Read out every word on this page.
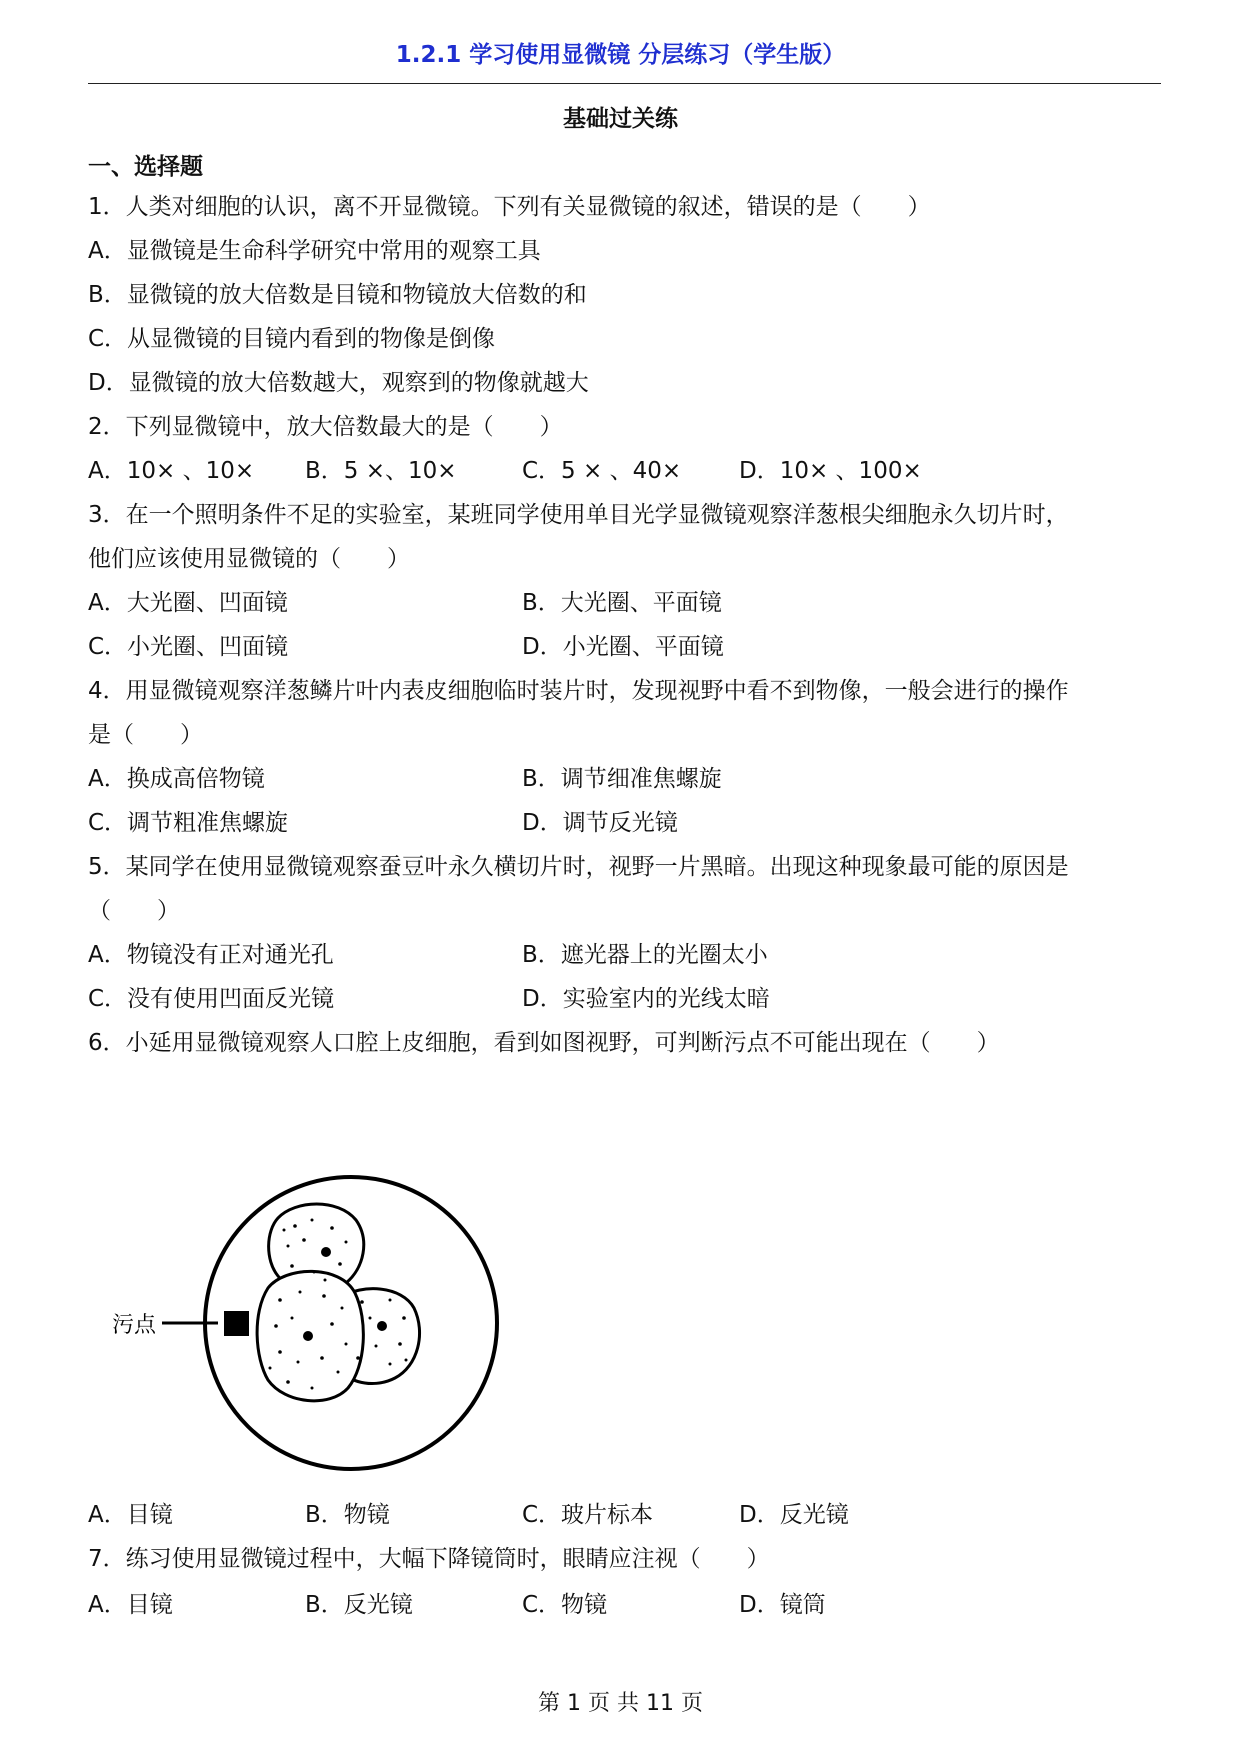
1.2.1 学习使用显微镜 分层练习（学生版）
基础过关练
一、选择题
1．人类对细胞的认识，离不开显微镜。下列有关显微镜的叙述，错误的是（　　）
A．显微镜是生命科学研究中常用的观察工具
B．显微镜的放大倍数是目镜和物镜放大倍数的和
C．从显微镜的目镜内看到的物像是倒像
D．显微镜的放大倍数越大，观察到的物像就越大
2．下列显微镜中，放大倍数最大的是（　　）
A．10× 、10× B．5 ×、10×	C．5 × 、40×	D．10× 、100×
3．在一个照明条件不足的实验室，某班同学使用单目光学显微镜观察洋葱根尖细胞永久切片时，
他们应该使用显微镜的（　　）
A．大光圈、凹面镜	B．大光圈、平面镜
C．小光圈、凹面镜	D．小光圈、平面镜
4．用显微镜观察洋葱鳞片叶内表皮细胞临时装片时，发现视野中看不到物像，一般会进行的操作
是（　　）
A．换成高倍物镜	B．调节细准焦螺旋
C．调节粗准焦螺旋	D．调节反光镜
5．某同学在使用显微镜观察蚕豆叶永久横切片时，视野一片黑暗。出现这种现象最可能的原因是
（　　）
A．物镜没有正对通光孔	B．遮光器上的光圈太小
C．没有使用凹面反光镜	D．实验室内的光线太暗
6．小延用显微镜观察人口腔上皮细胞，看到如图视野，可判断污点不可能出现在（　　）
污点
A．目镜	B．物镜	C．玻片标本	D．反光镜
7．练习使用显微镜过程中，大幅下降镜筒时，眼睛应注视（　　）
A．目镜	B．反光镜	C．物镜	D．镜筒
第 1 页 共 11 页
